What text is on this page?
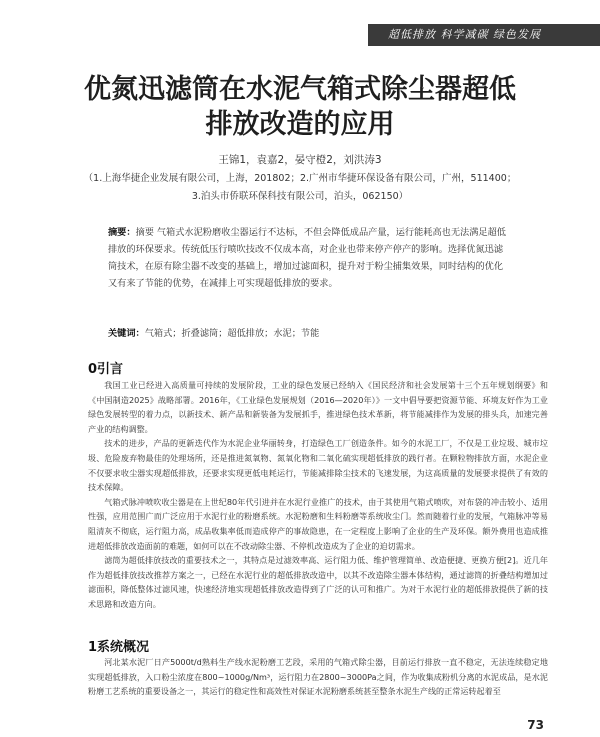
超低排放 科学减碳 绿色发展
优氮迅滤筒在水泥气箱式除尘器超低
排放改造的应用
王锦1，袁嘉2，晏守橙2，刘洪涛3
（1.上海华捷企业发展有限公司，上海，201802；2.广州市华捷环保设备有限公司，广州，511400；
3.泊头市侨联环保科技有限公司，泊头，062150）
摘要：摘要 气箱式水泥粉磨收尘器运行不达标，不但会降低成品产量，运行能耗高也无法满足超低排放的环保要求。传统低压行喷吹技改不仅成本高，对企业也带来停产停产的影响。选择优氮迅滤筒技术，在原有除尘器不改变的基础上，增加过滤面积，提升对于粉尘捕集效果，同时结构的优化又有来了节能的优势，在减排上可实现超低排放的要求。
关键词：气箱式；折叠滤筒；超低排放；水泥；节能
0引言

我国工业已经进入高质量可持续的发展阶段，工业的绿色发展已经纳入《国民经济和社会发展第十三个五年规划纲要》和《中国制造2025》战略部署。2016年，《工业绿色发展规划（2016—2020年）》一文中倡导要把资源节能、环境友好作为工业绿色发展转型的着力点，以新技术、新产品和新装备为发展抓手，推进绿色技术革新，将节能减排作为发展的排头兵，加速完善产业的结构调整。

技术的进步，产品的更新迭代作为水泥企业华丽转身，打造绿色工厂创造条件。如今的水泥工厂，不仅是工业垃圾、城市垃圾、危险废弃物最佳的处理场所，还是推进氮氧物、氮氧化物和二氧化硫实现超低排放的践行者。在颗粒物排放方面，水泥企业不仅要求收尘器实现超低排放，还要求实现更低电耗运行，节能减排除尘技术的飞速发展，为这高质量的发展要求提供了有效的技术保障。

气箱式脉冲喷吹收尘器是在上世纪80年代引进并在水泥行业推广的技术，由于其使用气箱式喷吹，对布袋的冲击较小、适用性强，应用范围广而广泛应用于水泥行业的粉磨系统。水泥粉磨和生料粉磨等系统收尘门。然而随着行业的发展，气箱脉冲等易阻清灰不彻底，运行阻力高，成品收集率低而造成停产的事故隐患，在一定程度上影响了企业的生产及环保。额外费用也造成推进超低排放改造面前的难题，如何可以在不改动除尘器、不停机改造成为了企业的迫切需求。

滤筒为超低排放技改的重要技术之一，其特点是过滤效率高、运行阻力低、维护管理简单、改造便捷、更换方便[2]。近几年作为超低排放技改推荐方案之一，已经在水泥行业的超低排放改造中，以其不改造除尘器本体结构，通过滤筒的折叠结构增加过滤面积，降低整体过滤风速，快速经济地实现超低排放改造得到了广泛的认可和推广。为对于水泥行业的超低排放提供了新的技术思路和改造方向。

1系统概况

河北某水泥厂日产5000t/d熟料生产线水泥粉磨工艺段，采用的气箱式除尘器，目前运行排放一直不稳定，无法连续稳定地实现超低排放，入口粉尘浓度在800~1000g/Nm³，运行阻力在2800~3000Pa之间，作为收集成粉机分离的水泥成品，是水泥粉磨工艺系统的重要设备之一，其运行的稳定性和高效性对保证水泥粉磨系统甚至整条水泥生产线的正常运转起着至

73
